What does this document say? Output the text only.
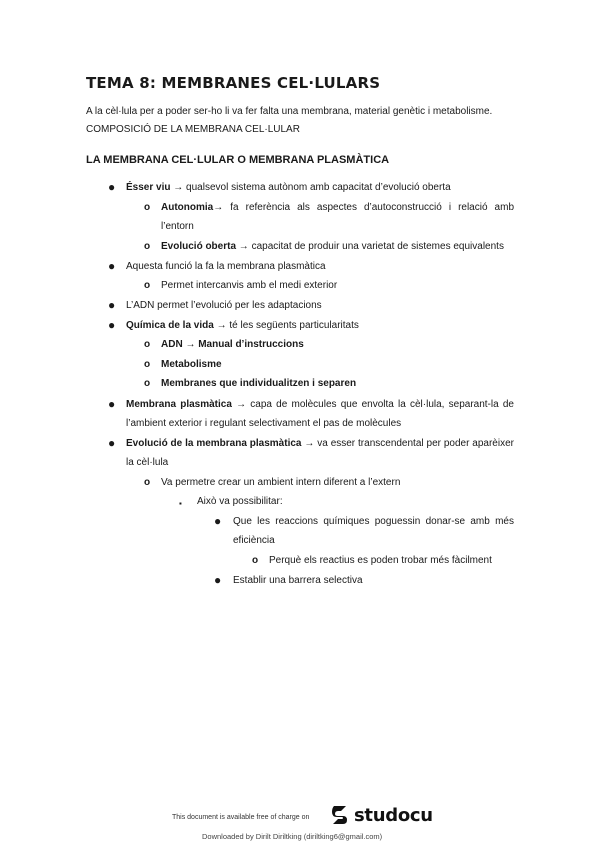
TEMA 8: MEMBRANES CEL·LULARS
A la cèl·lula per a poder ser-ho li va fer falta una membrana, material genètic i metabolisme.
COMPOSICIÓ DE LA MEMBRANA CEL·LULAR
LA MEMBRANA CEL·LULAR O MEMBRANA PLASMÀTICA
● Ésser viu → qualsevol sistema autònom amb capacitat d’evolució oberta
o Autonomia→ fa referència als aspectes d’autoconstrucció i relació amb
l’entorn
o Evolució oberta → capacitat de produir una varietat de sistemes equivalents
● Aquesta funció la fa la membrana plasmàtica
o Permet intercanvis amb el medi exterior
● L’ADN permet l’evolució per les adaptacions
● Química de la vida → té les següents particularitats
o ADN → Manual d’instruccions
o Metabolisme
o Membranes que individualitzen i separen
● Membrana plasmàtica → capa de molècules que envolta la cèl·lula, separant-la de
l’ambient exterior i regulant selectivament el pas de molècules
● Evolució de la membrana plasmàtica → va esser transcendental per poder aparèixer
la cèl·lula
o Va permetre crear un ambient intern diferent a l’extern
▪ Això va possibilitar:
● Que les reaccions químiques poguessin donar-se amb més
eficiència
o Perquè els reactius es poden trobar més fàcilment
● Establir una barrera selectiva
This document is available free of charge on studocu
Downloaded by Dirilt Diriltking (diriltking6@gmail.com)
